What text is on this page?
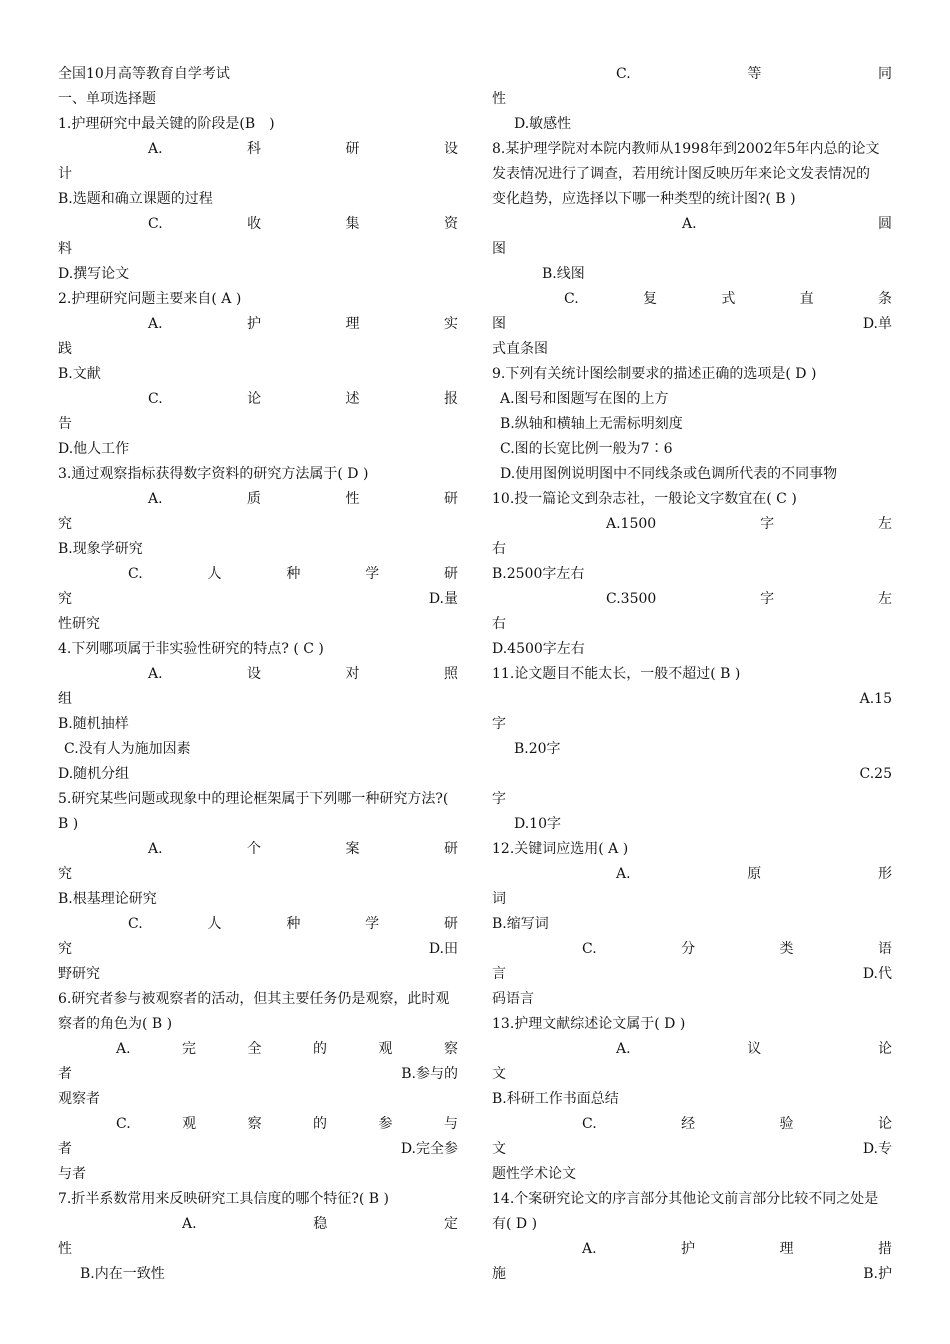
全国10月高等教育自学考试
一、单项选择题
1.护理研究中最关键的阶段是(B　)
A.	科	研	设
计
B.选题和确立课题的过程
C.	收	集	资
料
D.撰写论文
2.护理研究问题主要来自( A )
A.	护	理	实
践
B.文献
C.	论	述	报
告
D.他人工作
3.通过观察指标获得数字资料的研究方法属于( D )
A.	质	性	研
究
B.现象学研究
C.	人	种	学	研
究	D.量
性研究
4.下列哪项属于非实验性研究的特点? ( C )
A.	设	对	照
组
B.随机抽样
C.没有人为施加因素
D.随机分组
5.研究某些问题或现象中的理论框架属于下列哪一种研究方法?(
B )
A.	个	案	研
究
B.根基理论研究
C.	人	种	学	研
究	D.田
野研究
6.研究者参与被观察者的活动，但其主要任务仍是观察，此时观
察者的角色为( B )
A.	完	全	的	观	察
者	B.参与的
观察者
C.	观	察	的	参	与
者	D.完全参
与者
7.折半系数常用来反映研究工具信度的哪个特征?( B )
A.	稳	定
性
B.内在一致性
C.	等	同
性
D.敏感性
8.某护理学院对本院内教师从1998年到2002年5年内总的论文
发表情况进行了调查，若用统计图反映历年来论文发表情况的
变化趋势，应选择以下哪一种类型的统计图?( B )
A.	圆
图
B.线图
C.	复	式	直	条
图	D.单
式直条图
9.下列有关统计图绘制要求的描述正确的选项是( D )
A.图号和图题写在图的上方
B.纵轴和横轴上无需标明刻度
C.图的长宽比例一般为7∶6
D.使用图例说明图中不同线条或色调所代表的不同事物
10.投一篇论文到杂志社，一般论文字数宜在( C )
A.1500	字	左
右
B.2500字左右
C.3500	字	左
右
D.4500字左右
11.论文题目不能太长，一般不超过( B )
A.15
字
B.20字
C.25
字
D.10字
12.关键词应选用( A )
A.	原	形
词
B.缩写词
C.	分	类	语
言	D.代
码语言
13.护理文献综述论文属于( D )
A.	议	论
文
B.科研工作书面总结
C.	经	验	论
文	D.专
题性学术论文
14.个案研究论文的序言部分其他论文前言部分比较不同之处是
有( D )
A.	护	理	措
施	B.护
